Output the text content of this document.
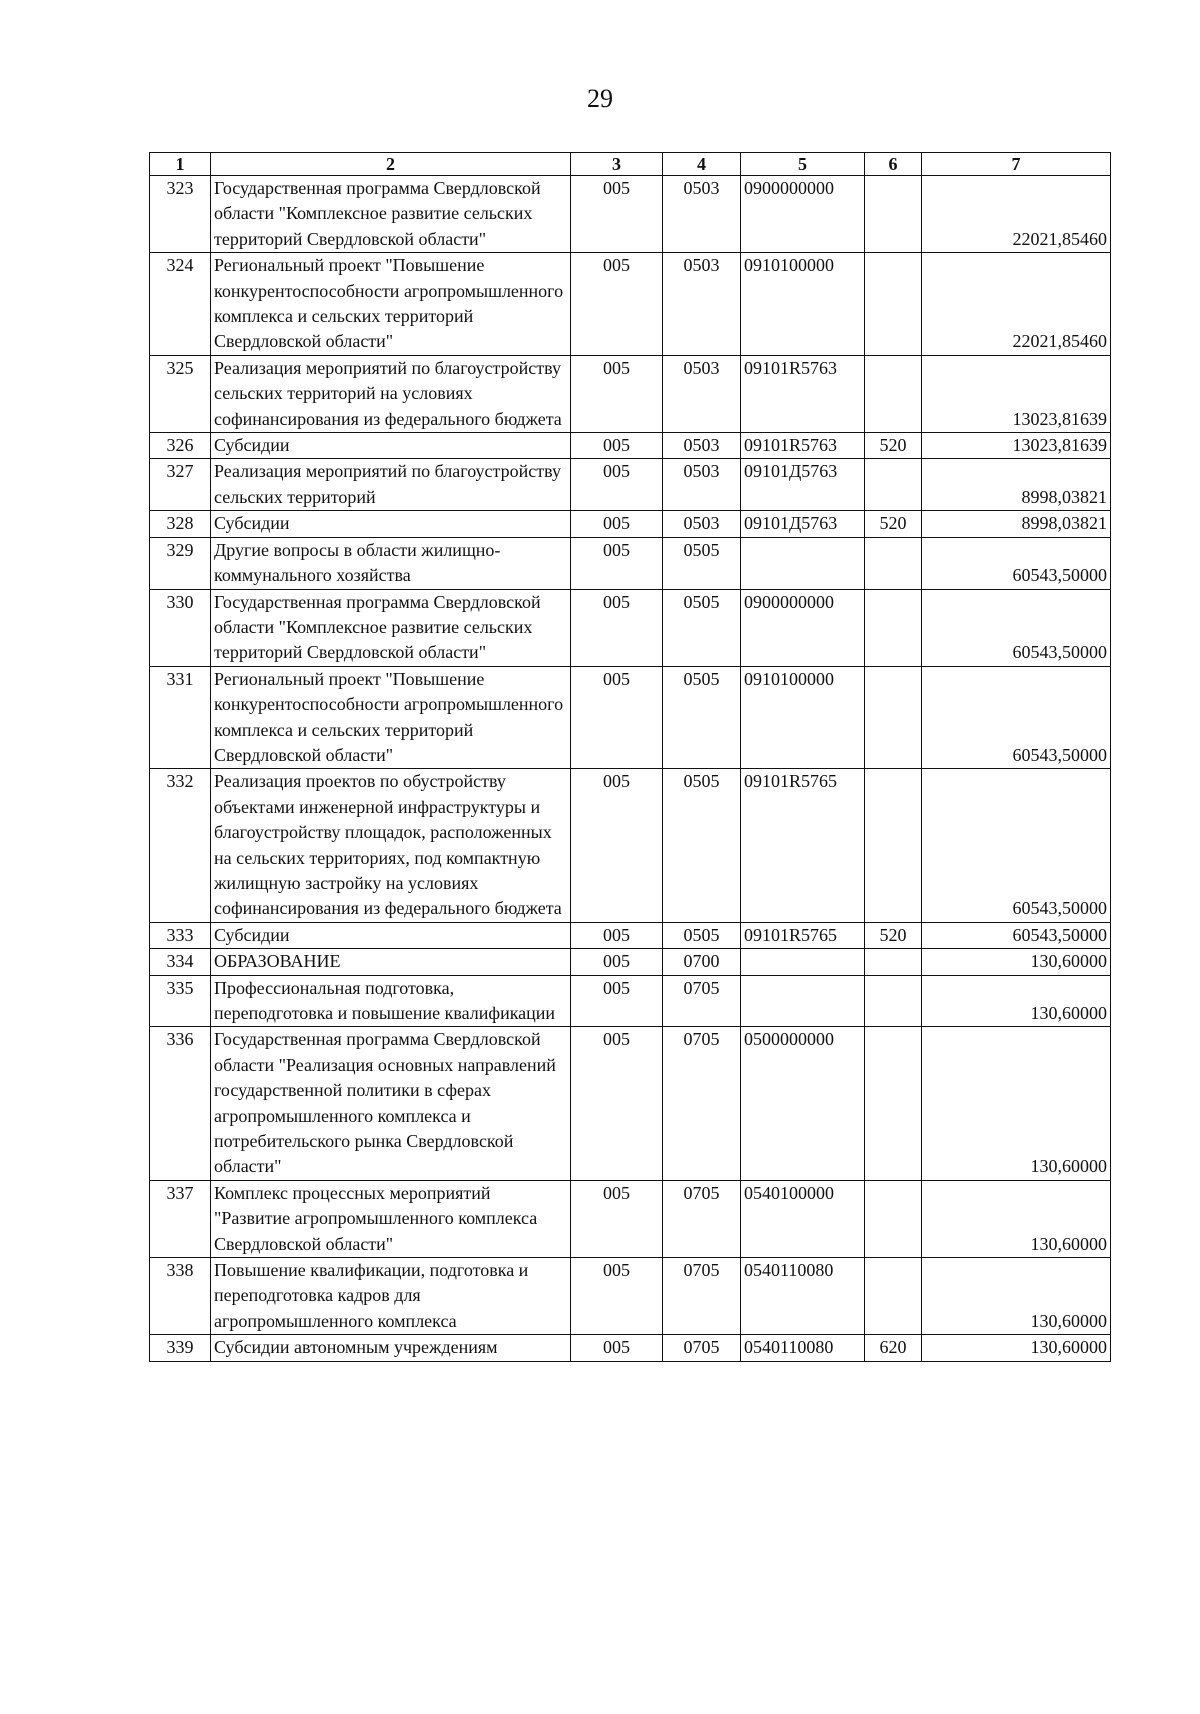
29
1	2	3	4	5	6	7
323	Государственная программа Свердловской области "Комплексное развитие сельских территорий Свердловской области"	005	0503	0900000000		22021,85460
324	Региональный проект "Повышение конкурентоспособности агропромышленного комплекса и сельских территорий Свердловской области"	005	0503	0910100000		22021,85460
325	Реализация мероприятий по благоустройству сельских территорий на условиях софинансирования из федерального бюджета	005	0503	09101R5763		13023,81639
326	Субсидии	005	0503	09101R5763	520	13023,81639
327	Реализация мероприятий по благоустройству сельских территорий	005	0503	09101Д5763		8998,03821
328	Субсидии	005	0503	09101Д5763	520	8998,03821
329	Другие вопросы в области жилищно-коммунального хозяйства	005	0505			60543,50000
330	Государственная программа Свердловской области "Комплексное развитие сельских территорий Свердловской области"	005	0505	0900000000		60543,50000
331	Региональный проект "Повышение конкурентоспособности агропромышленного комплекса и сельских территорий Свердловской области"	005	0505	0910100000		60543,50000
332	Реализация проектов по обустройству объектами инженерной инфраструктуры и благоустройству площадок, расположенных на сельских территориях, под компактную жилищную застройку на условиях софинансирования из федерального бюджета	005	0505	09101R5765		60543,50000
333	Субсидии	005	0505	09101R5765	520	60543,50000
334	ОБРАЗОВАНИЕ	005	0700			130,60000
335	Профессиональная подготовка, переподготовка и повышение квалификации	005	0705			130,60000
336	Государственная программа Свердловской области "Реализация основных направлений государственной политики в сферах агропромышленного комплекса и потребительского рынка Свердловской области"	005	0705	0500000000		130,60000
337	Комплекс процессных мероприятий "Развитие агропромышленного комплекса Свердловской области"	005	0705	0540100000		130,60000
338	Повышение квалификации, подготовка и переподготовка кадров для агропромышленного комплекса	005	0705	0540110080		130,60000
339	Субсидии автономным учреждениям	005	0705	0540110080	620	130,60000
